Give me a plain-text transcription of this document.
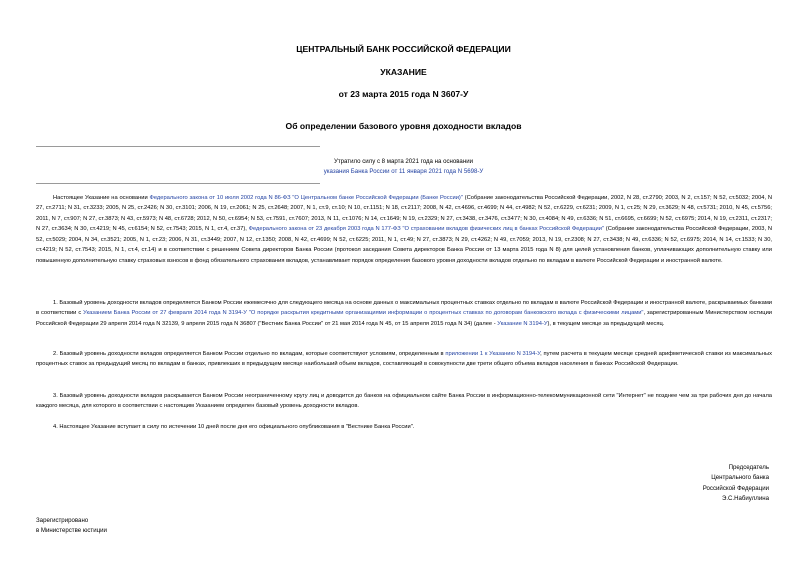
ЦЕНТРАЛЬНЫЙ БАНК РОССИЙСКОЙ ФЕДЕРАЦИИ
УКАЗАНИЕ
от 23 марта 2015 года N 3607-У
Об определении базового уровня доходности вкладов
Утратило силу с 8 марта 2021 года на основании
указания Банка России от 11 января 2021 года N 5698-У

Настоящее Указание на основании Федерального закона от 10 июля 2002 года N 86-ФЗ "О Центральном банке Российской Федерации (Банке России)" (Собрание законодательства Российской Федерации, 2002, N 28, ст.2790; 2003, N 2, ст.157; N 52, ст.5032; 2004, N 27, ст.2711; N 31, ст.3233; 2005, N 25, ст.2426; N 30, ст.3101; 2006, N 19, ст.2061; N 25, ст.2648; 2007, N 1, ст.9, ст.10; N 10, ст.1151; N 18, ст.2117; 2008, N 42, ст.4696, ст.4699; N 44, ст.4982; N 52, ст.6229, ст.6231; 2009, N 1, ст.25; N 29, ст.3629; N 48, ст.5731; 2010, N 45, ст.5756; 2011, N 7, ст.907; N 27, ст.3873; N 43, ст.5973; N 48, ст.6728; 2012, N 50, ст.6954; N 53, ст.7591, ст.7607; 2013, N 11, ст.1076; N 14, ст.1649; N 19, ст.2329; N 27, ст.3438, ст.3476, ст.3477; N 30, ст.4084; N 49, ст.6336; N 51, ст.6695, ст.6699; N 52, ст.6975; 2014, N 19, ст.2311, ст.2317; N 27, ст.3634; N 30, ст.4219; N 45, ст.6154; N 52, ст.7543; 2015, N 1, ст.4, ст.37), Федерального закона от 23 декабря 2003 года N 177-ФЗ "О страховании вкладов физических лиц в банках Российской Федерации" (Собрание законодательства Российской Федерации, 2003, N 52, ст.5029; 2004, N 34, ст.3521; 2005, N 1, ст.23; 2006, N 31, ст.3449; 2007, N 12, ст.1350; 2008, N 42, ст.4699; N 52, ст.6225; 2011, N 1, ст.49; N 27, ст.3873; N 29, ст.4262; N 49, ст.7059; 2013, N 19, ст.2308; N 27, ст.3438; N 49, ст.6336; N 52, ст.6975; 2014, N 14, ст.1533; N 30, ст.4219; N 52, ст.7543; 2015, N 1, ст.4, ст.14) и в соответствии с решением Совета директоров Банка России (протокол заседания Совета директоров Банка России от 13 марта 2015 года N 8) для целей установления банков, уплачивающих дополнительную ставку или повышенную дополнительную ставку страховых взносов в фонд обязательного страхования вкладов, устанавливает порядок определения базового уровня доходности вкладов отдельно по вкладам в валюте Российской Федерации и иностранной валюте.

1. Базовый уровень доходности вкладов определяется Банком России ежемесячно для следующего месяца на основе данных о максимальных процентных ставках отдельно по вкладам в валюте Российской Федерации и иностранной валюте, раскрываемых банками в соответствии с Указанием Банка России от 27 февраля 2014 года N 3194-У "О порядке раскрытия кредитными организациями информации о процентных ставках по договорам банковского вклада с физическими лицами", зарегистрированным Министерством юстиции Российской Федерации 29 апреля 2014 года N 32139, 9 апреля 2015 года N 36807 ("Вестник Банка России" от 21 мая 2014 года N 45, от 15 апреля 2015 года N 34) (далее - Указание N 3194-У), в текущем месяце за предыдущий месяц.

2. Базовый уровень доходности вкладов определяется Банком России отдельно по вкладам, которые соответствуют условиям, определенным в приложении 1 к Указанию N 3194-У, путем расчета в текущем месяце средней арифметической ставки из максимальных процентных ставок за предыдущий месяц по вкладам в банках, привлекших в предыдущем месяце наибольший объем вкладов, составляющий в совокупности две трети общего объема вкладов населения в банках Российской Федерации.

3. Базовый уровень доходности вкладов раскрывается Банком России неограниченному кругу лиц и доводится до банков на официальном сайте Банка России в информационно-телекоммуникационной сети "Интернет" не позднее чем за три рабочих дня до начала каждого месяца, для которого в соответствии с настоящим Указанием определен базовый уровень доходности вкладов.

4. Настоящее Указание вступает в силу по истечении 10 дней после дня его официального опубликования в "Вестнике Банка России".

Председатель
Центрального банка
Российской Федерации
Э.С.Набиуллина
Зарегистрировано
в Министерстве юстиции
